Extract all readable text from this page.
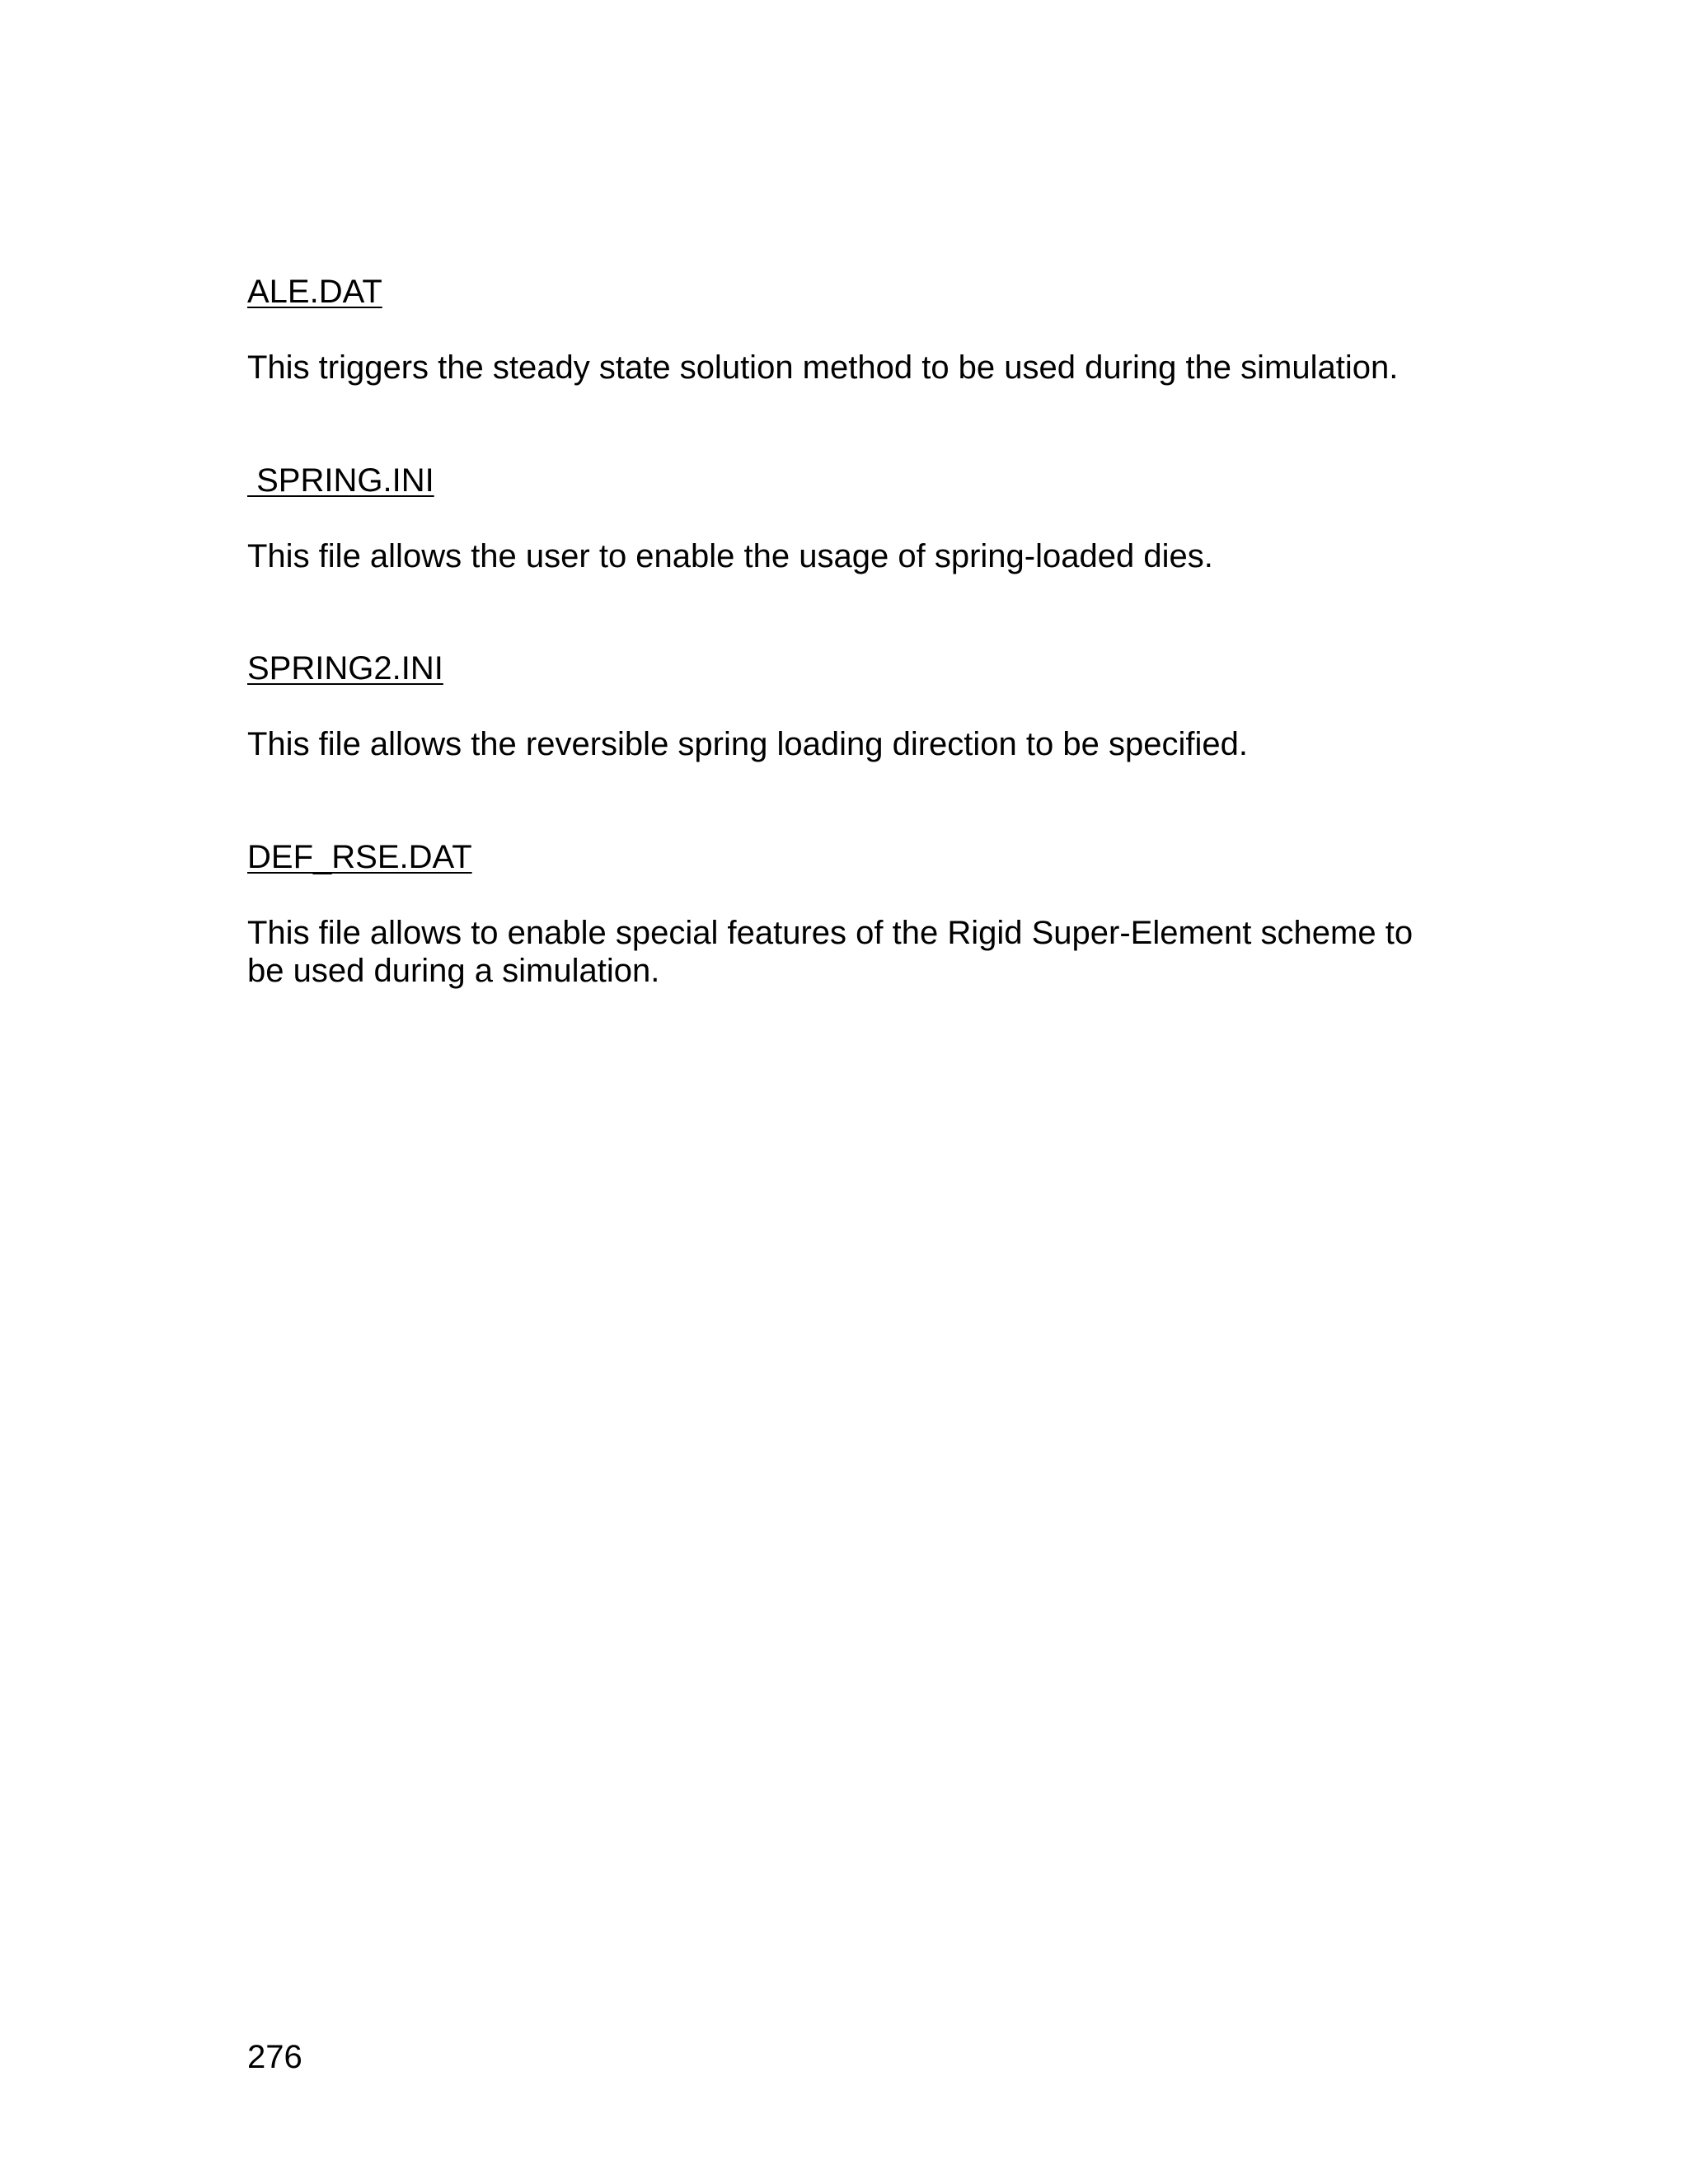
ALE.DAT
This triggers the steady state solution method to be used during the simulation.
SPRING.INI
This file allows the user to enable the usage of spring-loaded dies.
SPRING2.INI
This file allows the reversible spring loading direction to be specified.
DEF_RSE.DAT
This file allows to enable special features of the Rigid Super-Element scheme to be used during a simulation.
276
